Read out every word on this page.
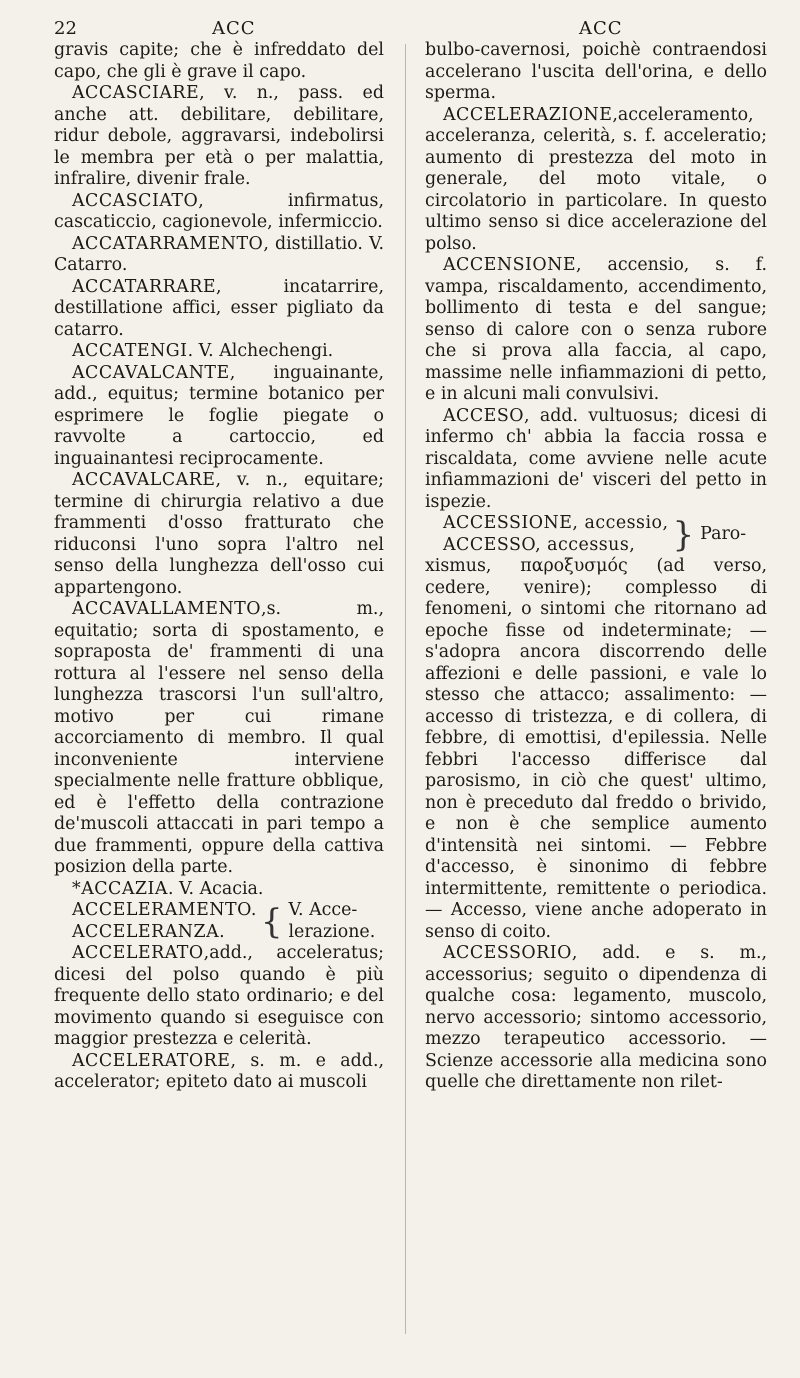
22	ACC	ACC

gravis capite; che è infreddato del capo, che gli è grave il capo.

ACCASCIARE, v. n., pass. ed anche att. debilitare, debilitare, ridur debole, aggravarsi, indebolirsi le membra per età o per malattia, infralire, divenir frale.

ACCASCIATO, infirmatus, cascaticcio, cagionevole, infermiccio.

ACCATARRAMENTO, distillatio. V. Catarro.

ACCATARRARE, incatarrire, destillatione affici, esser pigliato da catarro.

ACCATENGI. V. Alchechengi.

ACCAVALCANTE, inguainante, add., equitus; termine botanico per esprimere le foglie piegate o ravvolte a cartoccio, ed inguainantesi reciprocamente.

ACCAVALCARE, v. n., equitare; termine di chirurgia relativo a due frammenti d'osso fratturato che riduconsi l'uno sopra l'altro nel senso della lunghezza dell'osso cui appartengono.

ACCAVALLAMENTO,s. m., equitatio; sorta di spostamento, e sopraposta de' frammenti di una rottura al l'essere nel senso della lunghezza trascorsi l'un sull'altro, motivo per cui rimane accorciamento di membro. Il qual inconveniente interviene specialmente nelle fratture obblique, ed è l'effetto della contrazione de'muscoli attaccati in pari tempo a due frammenti, oppure della cattiva posizion della parte.

*ACCAZIA. V. Acacia.

ACCELERAMENTO.
ACCELERANZA.	{ V. Acce-
lerazione.

ACCELERATO,add., acceleratus; dicesi del polso quando è più frequente dello stato ordinario; e del movimento quando si eseguisce con maggior prestezza e celerità.

ACCELERATORE, s. m. e add., accelerator; epiteto dato ai muscoli

bulbo-cavernosi, poichè contraendosi accelerano l'uscita dell'orina, e dello sperma.

ACCELERAZIONE,acceleramento, acceleranza, celerità, s. f. acceleratio; aumento di prestezza del moto in generale, del moto vitale, o circolatorio in particolare. In questo ultimo senso si dice accelerazione del polso.

ACCENSIONE, accensio, s. f. vampa, riscaldamento, accendimento, bollimento di testa e del sangue; senso di calore con o senza rubore che si prova alla faccia, al capo, massime nelle infiammazioni di petto, e in alcuni mali convulsivi.

ACCESO, add. vultuosus; dicesi di infermo ch' abbia la faccia rossa e riscaldata, come avviene nelle acute infiammazioni de' visceri del petto in ispezie.

ACCESSIONE, accessio,
ACCESSO, accessus,	} Paro-

xismus, παροξυσμός (ad verso, cedere, venire); complesso di fenomeni, o sintomi che ritornano ad epoche fisse od indeterminate; — s'adopra ancora discorrendo delle affezioni e delle passioni, e vale lo stesso che attacco; assalimento: — accesso di tristezza, e di collera, di febbre, di emottisi, d'epilessia. Nelle febbri l'accesso differisce dal parosismo, in ciò che quest' ultimo, non è preceduto dal freddo o brivido, e non è che semplice aumento d'intensità nei sintomi. — Febbre d'accesso, è sinonimo di febbre intermittente, remittente o periodica. — Accesso, viene anche adoperato in senso di coito.

ACCESSORIO, add. e s. m., accessorius; seguito o dipendenza di qualche cosa: legamento, muscolo, nervo accessorio; sintomo accessorio, mezzo terapeutico accessorio. — Scienze accessorie alla medicina sono quelle che direttamente non rilet-
